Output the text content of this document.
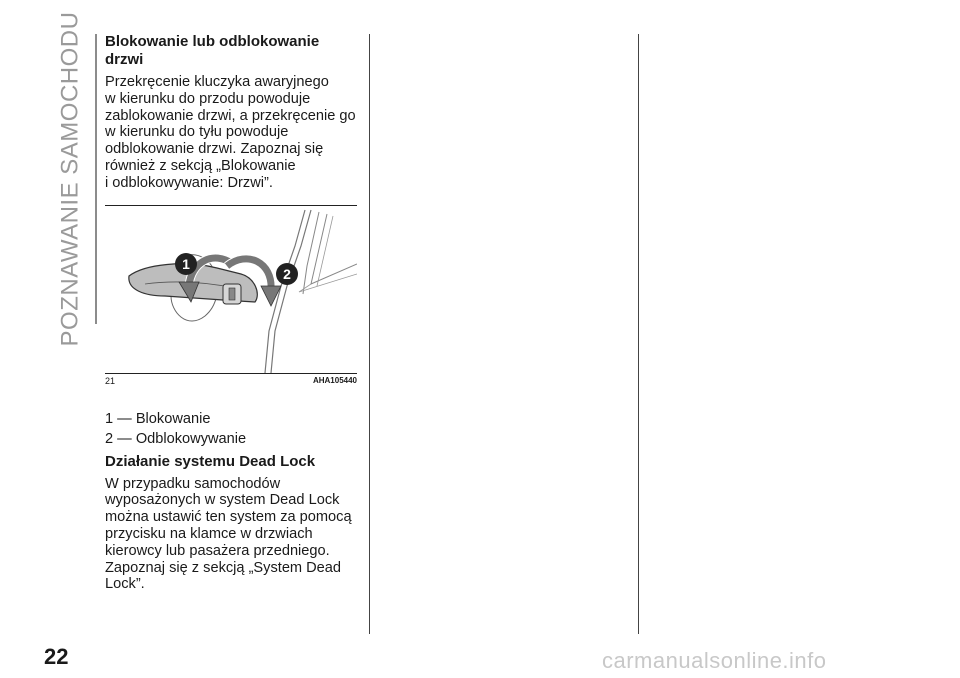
POZNAWANIE SAMOCHODU Blokowanie lub odblokowanie drzwi

Przekręcenie kluczyka awaryjnego
w kierunku do przodu powoduje
zablokowanie drzwi, a przekręcenie go
w kierunku do tyłu powoduje
odblokowanie drzwi. Zapoznaj się
również z sekcją „Blokowanie
i odblokowywanie: Drzwi”.

1
2
21	AHA105440
1 — Blokowanie
2 — Odblokowywanie
Działanie systemu Dead Lock

W przypadku samochodów
wyposażonych w system Dead Lock
można ustawić ten system za pomocą
przycisku na klamce w drzwiach
kierowcy lub pasażera przedniego.
Zapoznaj się z sekcją „System Dead
Lock”.

22	carmanualsonline.info
